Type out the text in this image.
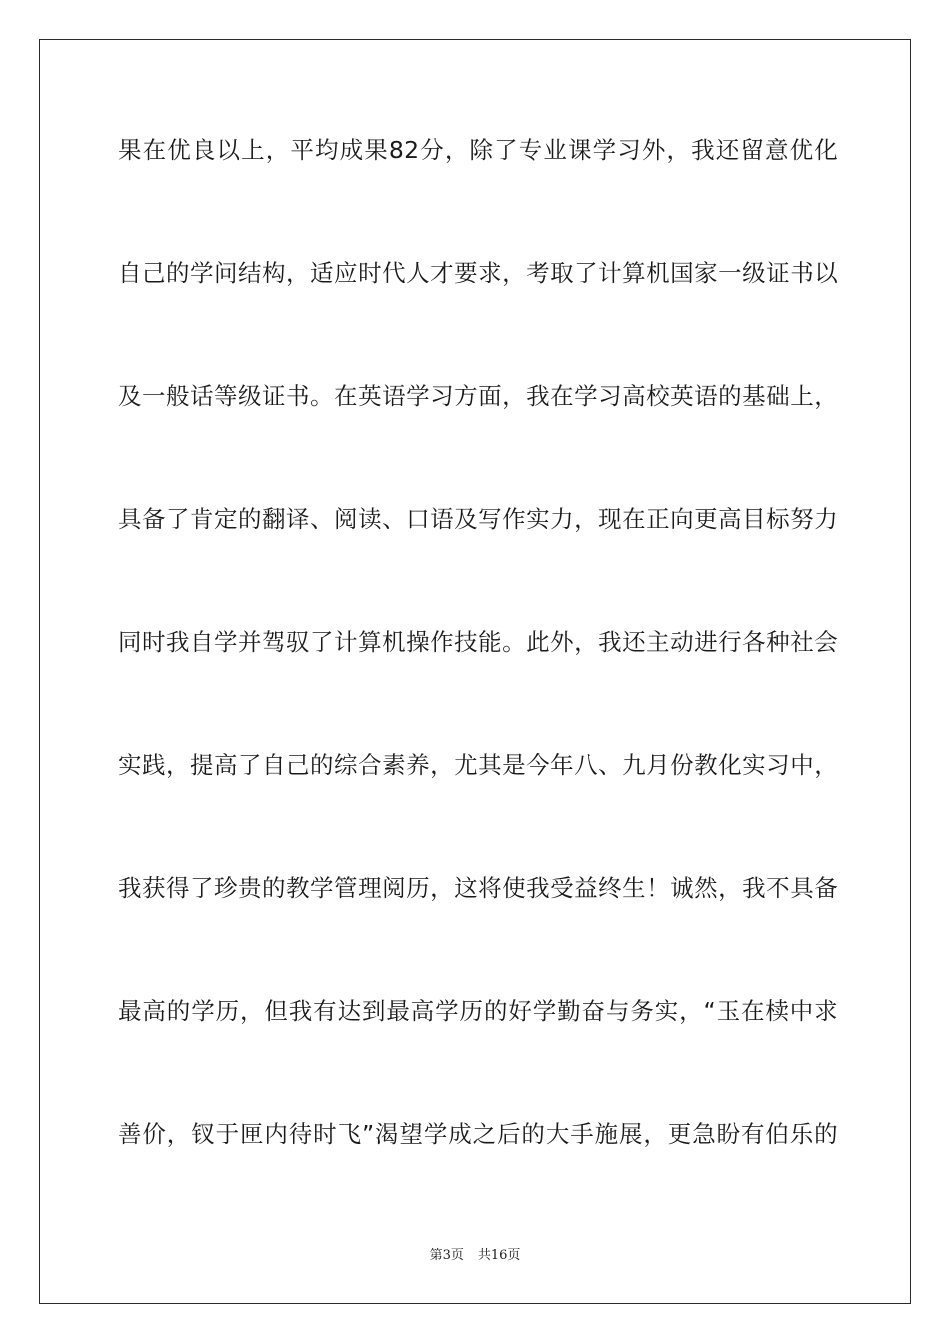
果在优良以上，平均成果82分，除了专业课学习外，我还留意优化
自己的学问结构，适应时代人才要求，考取了计算机国家一级证书以
及一般话等级证书。在英语学习方面，我在学习高校英语的基础上，
具备了肯定的翻译、阅读、口语及写作实力，现在正向更高目标努力
同时我自学并驾驭了计算机操作技能。此外，我还主动进行各种社会
实践，提高了自己的综合素养，尤其是今年八、九月份教化实习中，
我获得了珍贵的教学管理阅历，这将使我受益终生！诚然，我不具备
最高的学历，但我有达到最高学历的好学勤奋与务实，“玉在椟中求
善价，钗于匣内待时飞”渴望学成之后的大手施展，更急盼有伯乐的
第3页 共16页
